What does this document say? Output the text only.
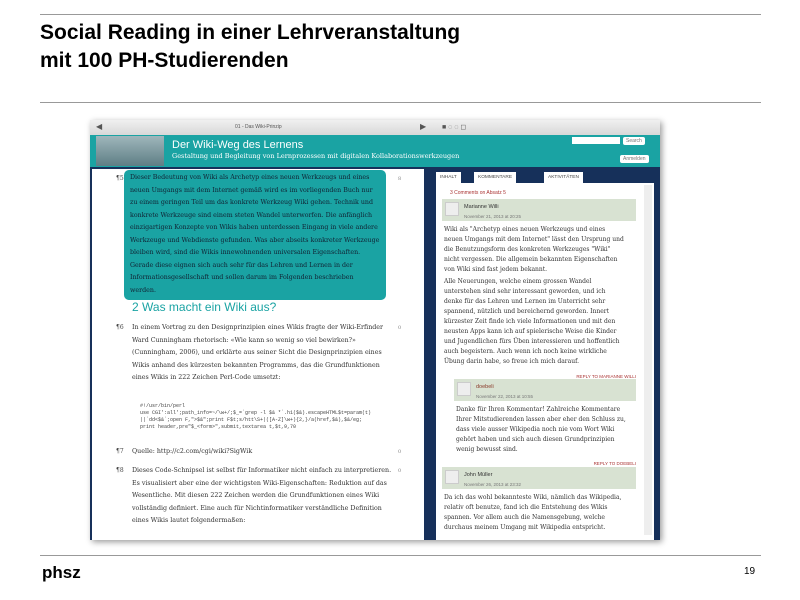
Social Reading in einer Lehrveranstaltung
mit 100 PH-Studierenden
◀	01 - Das Wiki-Prinzip	▶ ■ ◌ ◌ ◻
Der Wiki-Weg des Lernens
Gestaltung und Begleitung von Lernprozessen mit digitalen Kollaborationswerkzeugen
Search
Anmelden
¶5	Dieser Bedeutung von Wiki als Archetyp eines neuen Werkzeugs und eines neuen Umgangs mit dem Internet gemäß wird es im vorliegenden Buch nur zu einem geringen Teil um das konkrete Werkzeug Wiki gehen. Technik und konkrete Werkzeuge sind einem steten Wandel unterworfen. Die anfänglich einzigartigen Konzepte von Wikis haben unterdessen Eingang in viele andere Werkzeuge und Webdienste gefunden. Was aber abseits konkreter Werkzeuge bleiben wird, sind die Wikis innewohnenden universalen Eigenschaften. Gerade diese eignen sich auch sehr für das Lehren und Lernen in der Informationsgesellschaft und sollen darum im Folgenden beschrieben werden.
8
2 Was macht ein Wiki aus?
¶6 In einem Vortrag zu den Designprinzipien eines Wikis fragte der Wiki-Erfinder Ward Cunningham rhetorisch: «Wie kann so wenig so viel bewirken?» (Cunningham, 2006), und erklärte aus seiner Sicht die Designprinzipien eines Wikis anhand des kürzesten bekannten Programms, das die Grundfunktionen eines Wikis in 222 Zeichen Perl-Code umsetzt:
0
#!/usr/bin/perl
use CGI':all';path_info=~/\w+/;$_=`grep -l $& *`.h1($&).escapeHTML$t=param(t)
||`dd<$&`;open F,">$&";print F$t;s/htt\S+|([A-Z]\w+){2,}/a(href,$&),$&/eg;
print header,pre"$_<form>",submit,textarea t,$t,9,70
¶7 Quelle: http://c2.com/cgi/wiki?SigWik	0
¶8 Dieses Code-Schnipsel ist selbst für Informatiker nicht einfach zu interpretieren. Es visualisiert aber eine der wichtigsten Wiki-Eigenschaften: Reduktion auf das Wesentliche. Mit diesen 222 Zeichen werden die Grundfunktionen eines Wiki vollständig definiert. Eine auch für Nichtinformatiker verständliche Definition eines Wikis lautet folgendermaßen:
0
INHALT	KOMMENTARE	AKTIVITÄTEN
3 Comments on Absatz 5
Marianne Willi
November 21, 2013 at 20:25
Wiki als "Archetyp eines neuen Werkzeugs und eines neuen Umgangs mit dem Internet" lässt den Ursprung und die Benutzungsform des konkreten Werkzeuges "Wiki" nicht vergessen. Die allgemein bekannten Eigenschaften von Wiki sind fast jedem bekannt.
Alle Neuerungen, welche einem grossen Wandel unterstehen sind sehr interessant geworden, und ich denke für das Lehren und Lernen im Unterricht sehr spannend, nützlich und bereichernd geworden. Innert kürzester Zeit finde ich viele Informationen und mit den neusten Apps kann ich auf spielerische Weise die Kinder und Jugendlichen fürs Üben interessieren und hoffentlich auch begeistern. Auch wenn ich noch keine wirkliche Übung darin habe, so freue ich mich darauf.
REPLY TO MARIANNE WILLI
doebeli
November 22, 2013 at 10:55
Danke für Ihren Kommentar! Zahlreiche Kommentare Ihrer Mitstudierenden lassen aber eher den Schluss zu, dass viele ausser Wikipedia noch nie vom Wort Wiki gehört haben und sich auch diesen Grundprinzipien wenig bewusst sind.
REPLY TO DOEBELI
John Müller
November 26, 2013 at 23:32
Da ich das wohl bekannteste Wiki, nämlich das Wikipedia, relativ oft benutze, fand ich die Entstehung des Wikis spannen. Vor allem auch die Namensgebung, welche durchaus meinem Umgang mit Wikipedia entspricht.
phsz	19
